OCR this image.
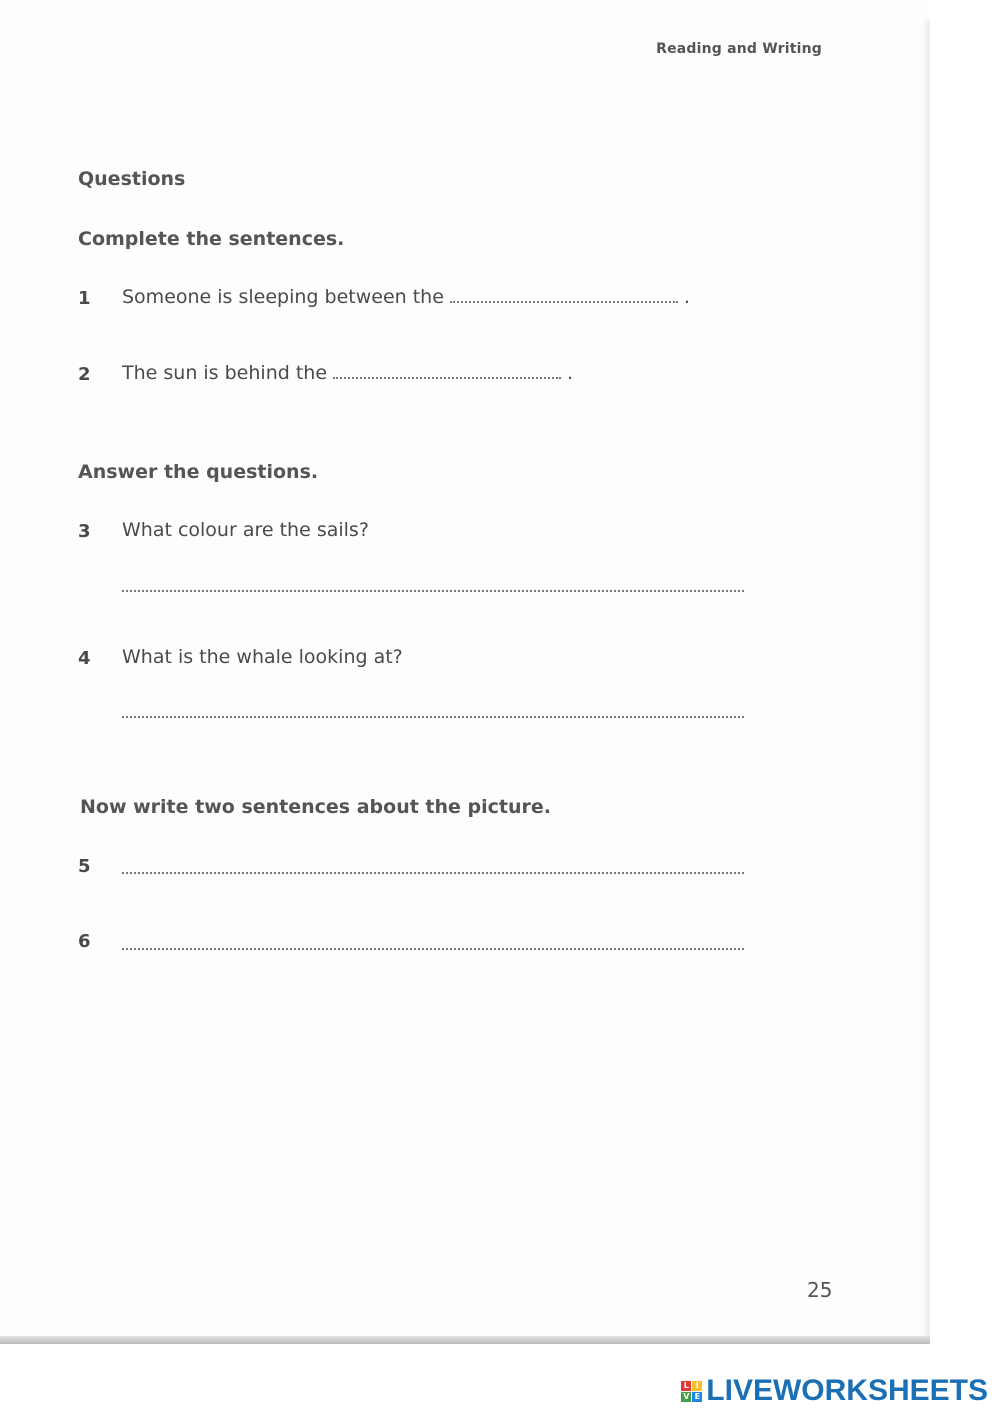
Reading and Writing
Questions
Complete the sentences.
1 Someone is sleeping between the	.
2 The sun is behind the	.
Answer the questions.
3 What colour are the sails?
4 What is the whale looking at?
Now write two sentences about the picture.
5
6
25
L I
V E LIVEWORKSHEETS
